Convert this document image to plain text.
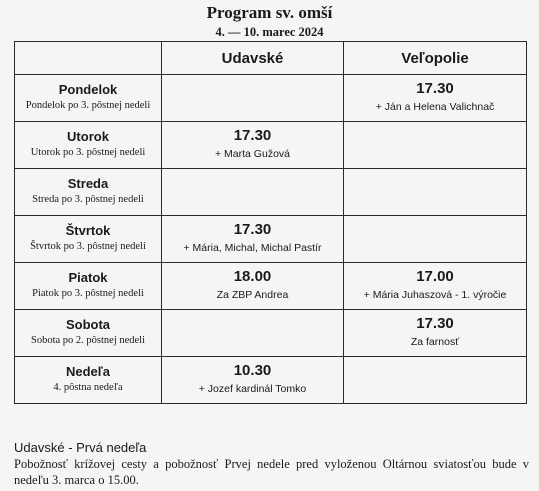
Program sv. omší
4. — 10. marec 2024
	Udavské	Veľopolie

Pondelok
Pondelok po 3. pôstnej nedeli		17.30
+ Ján a Helena Valichnač

Utorok
Utorok po 3. pôstnej nedeli	17.30
+ Marta Gužová	

Streda
Streda po 3. pôstnej nedeli		

Štvrtok
Štvrtok po 3. pôstnej nedeli	17.30
+ Mária, Michal, Michal Pastír	

Piatok
Piatok po 3. pôstnej nedeli	18.00
Za ZBP Andrea	17.00
+ Mária Juhaszová - 1. výročie

Sobota
Sobota po 2. pôstnej nedeli		17.30
Za farnosť

Nedeľa
4. pôstna nedeľa	10.30
+ Jozef kardinál Tomko	

Udavské - Prvá nedeľa

Pobožnosť krížovej cesty a pobožnosť Prvej nedele pred vyloženou Oltárnou sviatosťou bude v nedeľu 3. marca o 15.00.
